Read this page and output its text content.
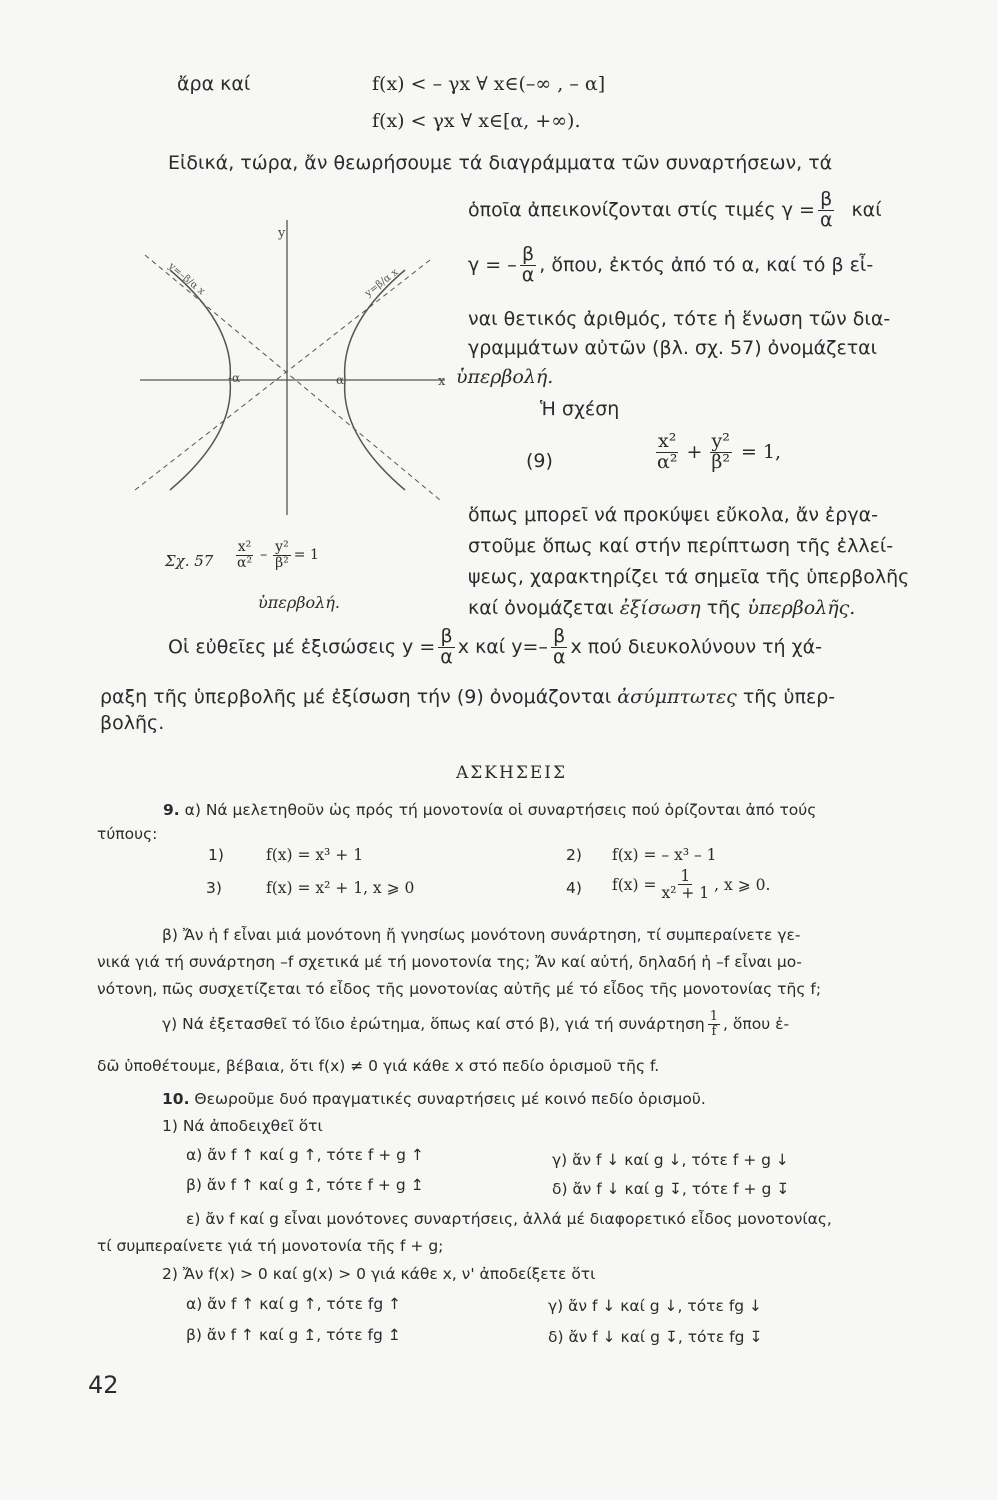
ἄρα καί	f(x) < – γx ∀ x∈(–∞ , – α]
f(x) < γx ∀ x∈[α, +∞).
Εἰδικά, τώρα, ἄν θεωρήσουμε τά διαγράμματα τῶν συναρτήσεων, τά
ὁποῖα ἀπεικονίζονται στίς τιμές $\gamma = \frac{\beta}{\alpha}$ καί
γ = – $\frac{\beta}{\alpha}$ , ὅπου, ἐκτός ἀπό τό α, καί τό β εἶ-
ναι θετικός ἀριθμός, τότε ἡ ἕνωση τῶν δια-
γραμμάτων αὐτῶν (βλ. σχ. 57) ὀνομάζεται
ὑπερβολή.
Ἡ σχέση
(9)	$\frac{\text{x²}}{\text{α²}} + \frac{\text{y²}}{\text{β²}} = 1$,
ὅπως μπορεῖ νά προκύψει εὔκολα, ἄν ἐργα-
στοῦμε ὅπως καί στήν περίπτωση τῆς ἐλλεί-
ψεως, χαρακτηρίζει τά σημεῖα τῆς ὑπερβολῆς
καί ὀνομάζεται ἐξίσωση τῆς ὑπερβολῆς.
y
x
-α	α
y=–β/α x	y=β/α x
Σχ. $57 \frac{\text{x²}}{\text{α²}} - \frac{\text{y²}}{\text{β²}} = 1$
ὑπερβολή.
Οἱ εὐθεῖες μέ ἐξισώσεις $y = \frac{\beta}{\alpha}$ x καί $y=- \frac{\beta}{\alpha}$ x πού διευκολύνουν τή χά-
ραξη τῆς ὑπερβολῆς μέ ἐξίσωση τήν (9) ὀνομάζονται ἀσύμπτωτες τῆς ὑπερ-
βολῆς.
ΑΣΚΗΣΕΙΣ
9. α) Νά μελετηθοῦν ὡς πρός τή μονοτονία οἱ συναρτήσεις πού ὁρίζονται ἀπό τούς
τύπους:
1)	f(x) = x³ + 1	2) f(x) = – x³ – 1
3)	f(x) = x² + 1, x ⩾ 0	4) $f(x) = \frac{1}{\text{x² + 1}}$ , x ⩾ 0.
β) Ἄν ἡ f εἶναι μιά μονότονη ἤ γνησίως μονότονη συνάρτηση, τί συμπεραίνετε γε-
νικά γιά τή συνάρτηση –f σχετικά μέ τή μονοτονία της; Ἄν καί αὐτή, δηλαδή ἡ –f εἶναι μο-
νότονη, πῶς συσχετίζεται τό εἶδος τῆς μονοτονίας αὐτῆς μέ τό εἶδος τῆς μονοτονίας τῆς f;
γ) Νά ἐξετασθεῖ τό ἴδιο ἐρώτημα, ὅπως καί στό β), γιά τή συνάρτηση $\frac{1}{f}$ , ὅπου ἐ-
δῶ ὑποθέτουμε, βέβαια, ὅτι f(x) ≠ 0 γιά κάθε x στό πεδίο ὁρισμοῦ τῆς f.
10. Θεωροῦμε δυό πραγματικές συναρτήσεις μέ κοινό πεδίο ὁρισμοῦ.
1) Νά ἀποδειχθεῖ ὅτι
α) ἄν f ↑ καί g ↑, τότε f + g ↑	γ) ἄν f ↓ καί g ↓, τότε f + g ↓
β) ἄν f ↑ καί g ↥, τότε f + g ↥	δ) ἄν f ↓ καί g ↧, τότε f + g ↧
ε) ἄν f καί g εἶναι μονότονες συναρτήσεις, ἀλλά μέ διαφορετικό εἶδος μονοτονίας,
τί συμπεραίνετε γιά τή μονοτονία τῆς f + g;
2) Ἄν f(x) > 0 καί g(x) > 0 γιά κάθε x, ν' ἀποδείξετε ὅτι
α) ἄν f ↑ καί g ↑, τότε fg ↑	γ) ἄν f ↓ καί g ↓, τότε fg ↓
β) ἄν f ↑ καί g ↥, τότε fg ↥	δ) ἄν f ↓ καί g ↧, τότε fg ↧
42
